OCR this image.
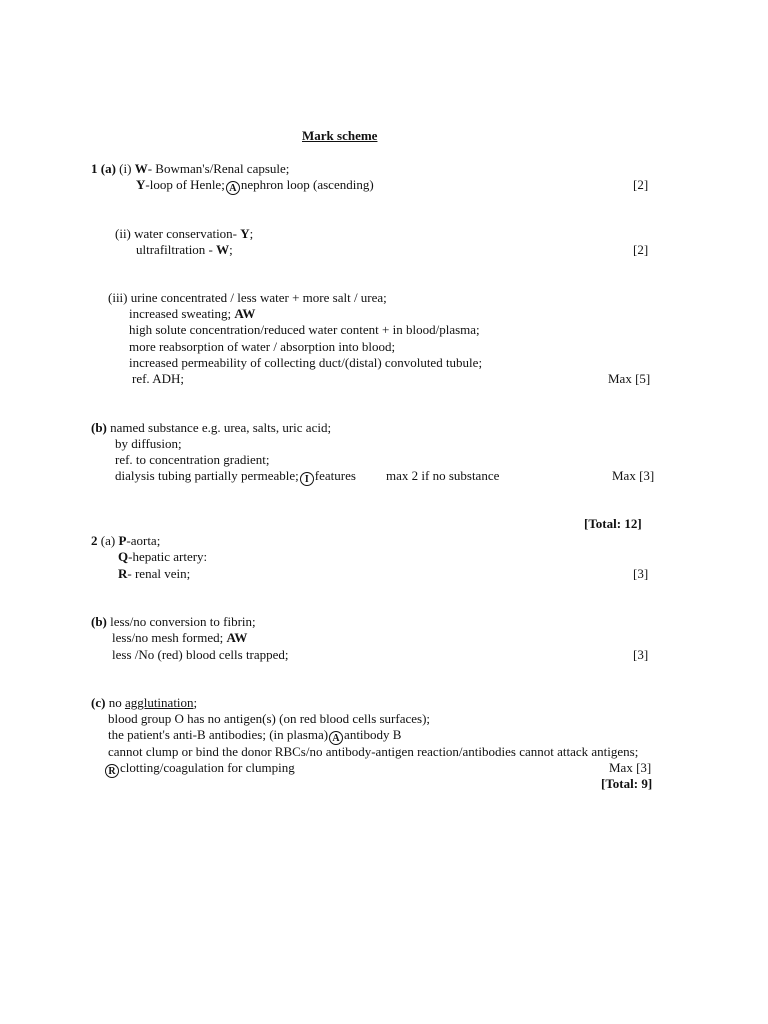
Mark scheme
1 (a) (i) W- Bowman's/Renal capsule;
Y-loop of Henle; A nephron loop (ascending)	[2]
(ii) water conservation- Y;
ultrafiltration - W;	[2]
(iii) urine concentrated / less water + more salt / urea;
increased sweating; AW
high solute concentration/reduced water content + in blood/plasma;
more reabsorption of water / absorption into blood;
increased permeability of collecting duct/(distal) convoluted tubule;
ref. ADH;	Max [5]
(b) named substance e.g. urea, salts, uric acid;
by diffusion;
ref. to concentration gradient;
dialysis tubing partially permeable; I features max 2 if no substance	Max [3]
[Total: 12]
2 (a) P-aorta;
Q-hepatic artery:
R- renal vein;	[3]
(b) less/no conversion to fibrin;
less/no mesh formed; AW
less /No (red) blood cells trapped;	[3]
(c) no agglutination;
blood group O has no antigen(s) (on red blood cells surfaces);
the patient's anti-B antibodies; (in plasma) A antibody B
cannot clump or bind the donor RBCs/no antibody-antigen reaction/antibodies cannot attack antigens;
R clotting/coagulation for clumping	Max [3]
[Total: 9]
